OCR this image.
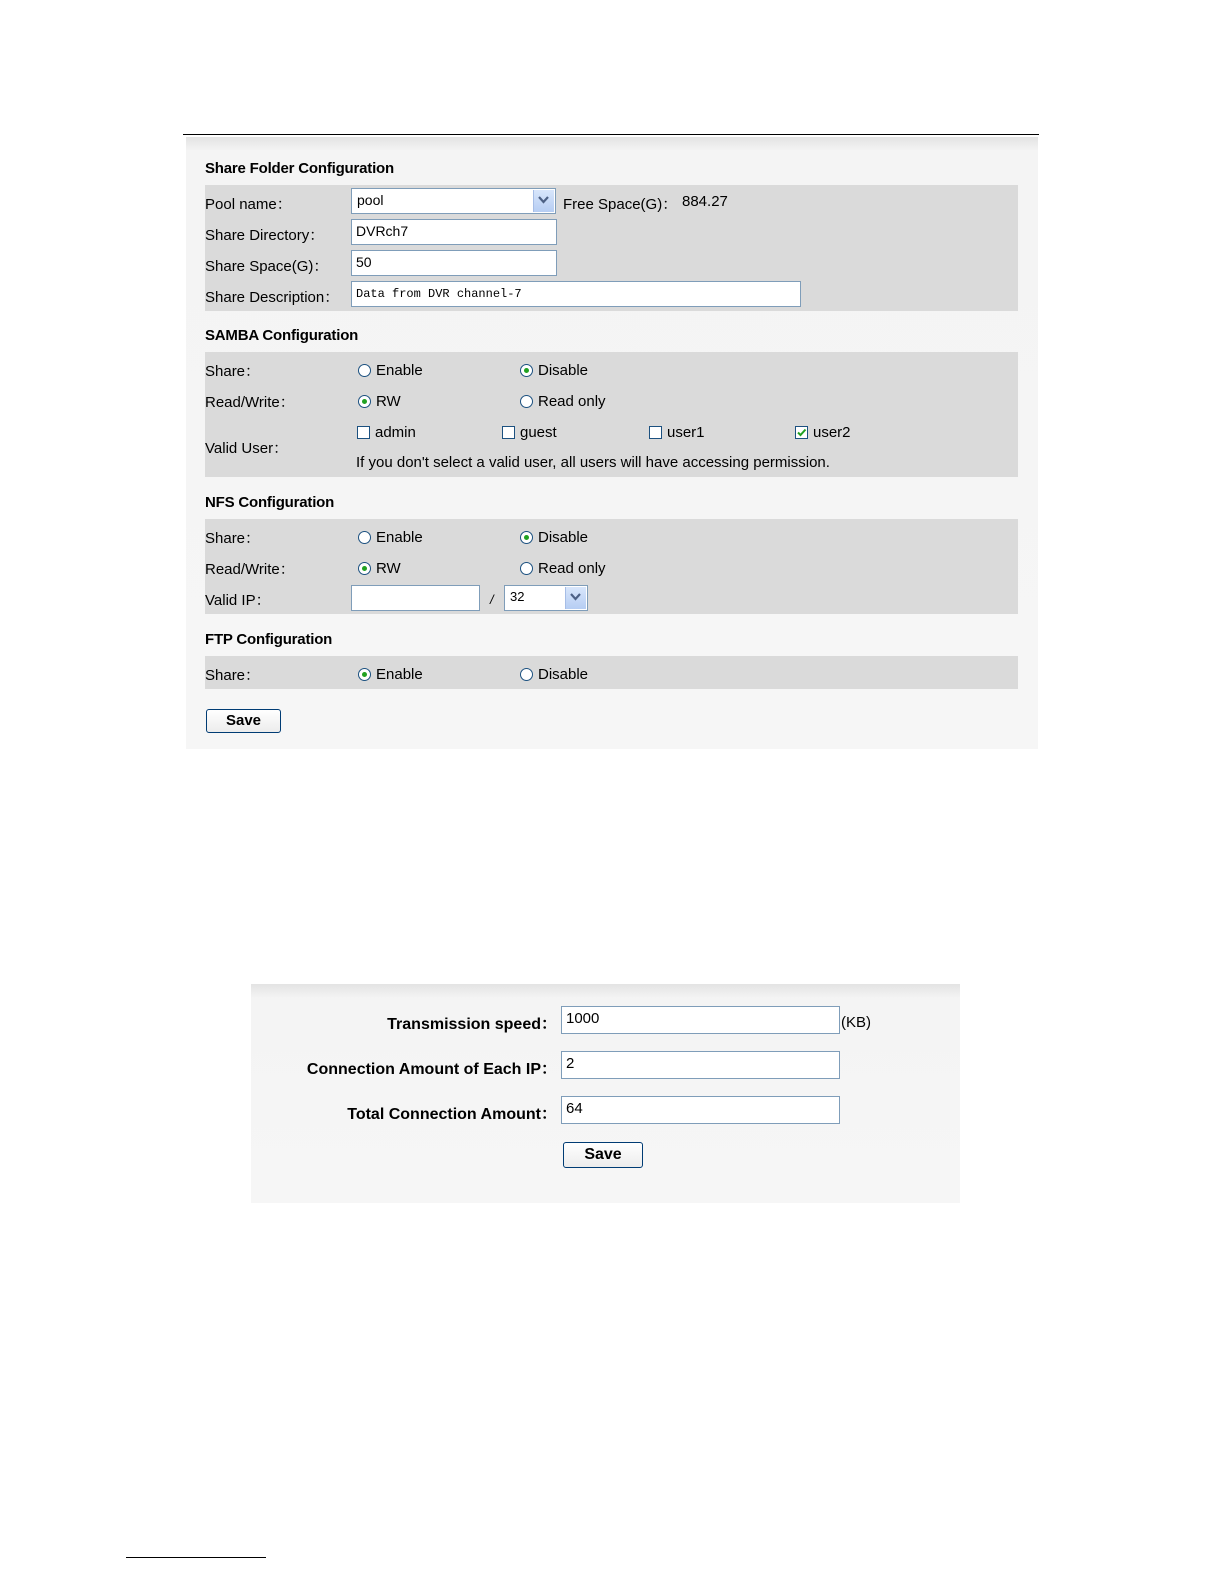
Share Folder Configuration
Pool name：	pool	Free Space(G)： 884.27
Share Directory：	DVRch7
Share Space(G)：	50
Share Description：	Data from DVR channel-7
SAMBA Configuration
Share：	Enable	Disable
Read/Write：	RW	Read only
Valid User：
admin	guest	user1	user2
If you don't select a valid user, all users will have accessing permission.
NFS Configuration
Share：	Enable	Disable
Read/Write：	RW	Read only
Valid IP：	/	32
FTP Configuration
Share：	Enable	Disable
Save
Transmission speed： 1000	(KB)
Connection Amount of Each IP： 2
Total Connection Amount： 64
Save
